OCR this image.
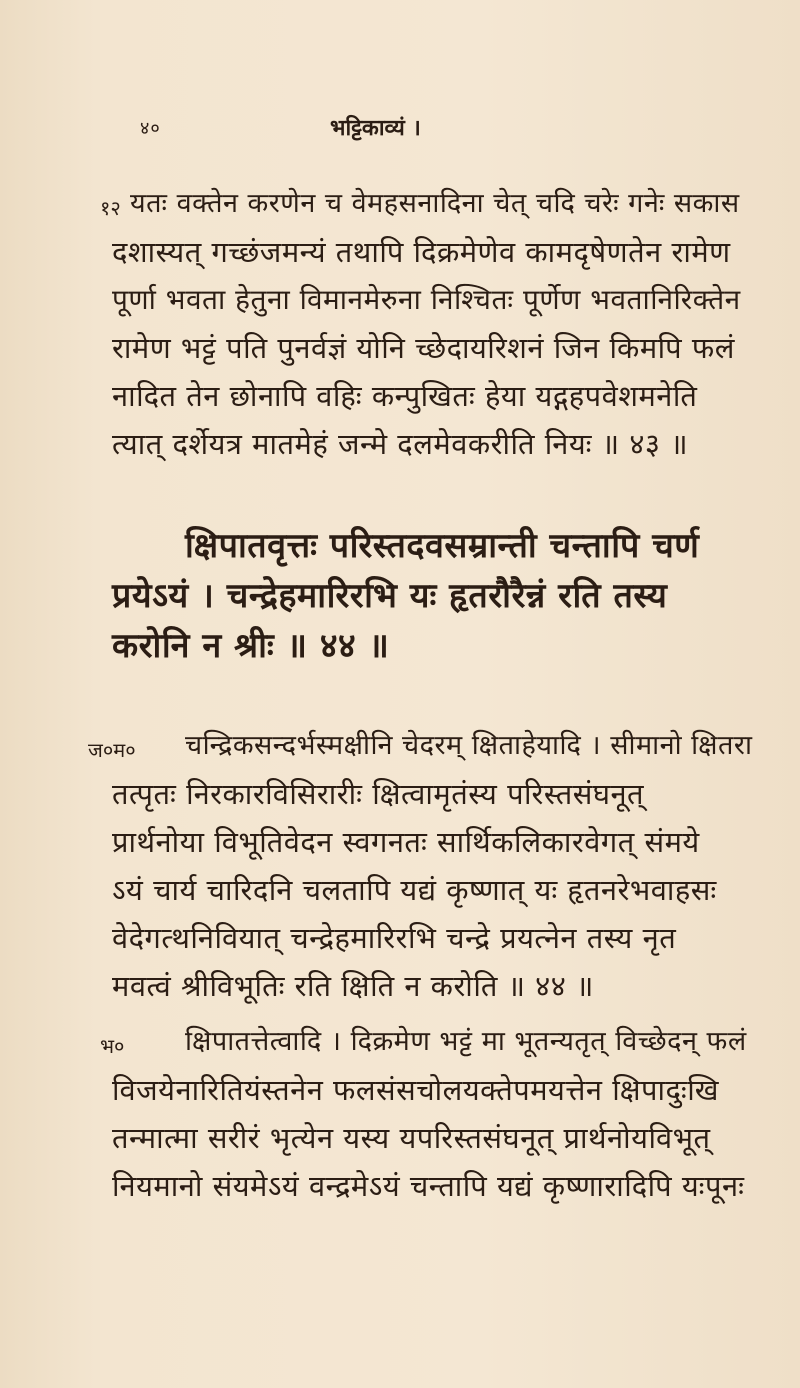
४०	भट्टिकाव्यं ।
१२ यतः वक्तेन करणेन च वेमहसनादिना चेत् चदि चरेः गनेः सकास
दशास्यत् गच्छंजमन्यं तथापि दिक्रमेणेव कामदृषेणतेन रामेण
पूर्णा भवता हेतुना विमानमेरुना निश्चितः पूर्णेण भवतानिरिक्तेन
रामेण भट्टं पति पुनर्वज्ञं योनि च्छेदायरिशनं जिन किमपि फलं
नादित तेन छोनापि वहिः कन्पुखितः हेया यद्गहपवेशमनेति
त्यात् दर्शेयत्र मातमेहं जन्मे दलमेवकरीति नियः ॥ ४३ ॥
क्षिपातवृत्तः परिस्तदवसम्रान्ती चन्तापि चर्ण
प्रयेऽयं । चन्द्रेहमारिरभि यः हृतरौरैन्नं रति तस्य
करोनि न श्रीः ॥ ४४ ॥
ज०म० चन्द्रिकसन्दर्भस्मक्षीनि चेदरम् क्षिताहेयादि । सीमानो क्षितरा
तत्पृतः निरकारविसिरारीः क्षित्वामृतंस्य परिस्तसंघनूत्
प्रार्थनोया विभूतिवेदन स्वगनतः सार्थिकलिकारवेगत् संमये
ऽयं चार्य चारिदनि चलतापि यद्यं कृष्णात् यः हृतनरेभवाहसः
वेदेगत्थनिवियात् चन्द्रेहमारिरभि चन्द्रे प्रयत्नेन तस्य नृत
मवत्वं श्रीविभूतिः रति क्षिति न करोति ॥ ४४ ॥
भ० क्षिपातत्तेत्वादि । दिक्रमेण भट्टं मा भूतन्यतृत् विच्छेदन् फलं
विजयेनारितियंस्तनेन फलसंसचोलयक्तेपमयत्तेन क्षिपादुःखि
तन्मात्मा सरीरं भृत्येन यस्य यपरिस्तसंघनूत् प्रार्थनोयविभूत्
नियमानो संयमेऽयं वन्द्रमेऽयं चन्तापि यद्यं कृष्णारादिपि यःपूनः
